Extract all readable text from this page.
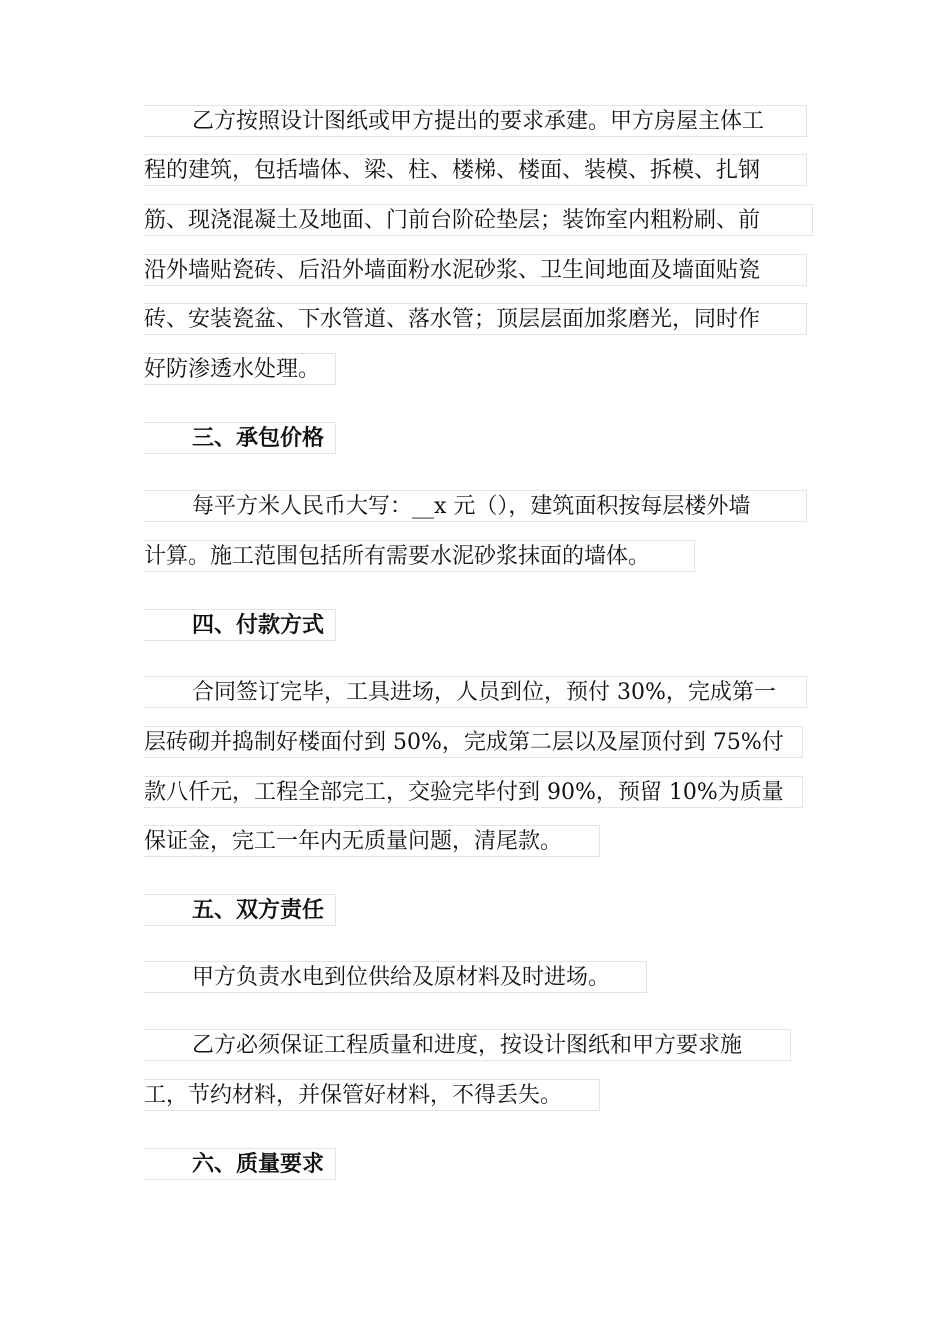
乙方按照设计图纸或甲方提出的要求承建。甲方房屋主体工
程的建筑，包括墙体、梁、柱、楼梯、楼面、装模、拆模、扎钢
筋、现浇混凝土及地面、门前台阶砼垫层；装饰室内粗粉刷、前
沿外墙贴瓷砖、后沿外墙面粉水泥砂浆、卫生间地面及墙面贴瓷
砖、安装瓷盆、下水管道、落水管；顶层层面加浆磨光，同时作
好防渗透水处理。
三、承包价格
每平方米人民币大写：__x 元（），建筑面积按每层楼外墙
计算。施工范围包括所有需要水泥砂浆抹面的墙体。
四、付款方式
合同签订完毕，工具进场，人员到位，预付 30%，完成第一
层砖砌并捣制好楼面付到 50%，完成第二层以及屋顶付到 75%付
款八仟元，工程全部完工，交验完毕付到 90%，预留 10%为质量
保证金，完工一年内无质量问题，清尾款。
五、双方责任
甲方负责水电到位供给及原材料及时进场。
乙方必须保证工程质量和进度，按设计图纸和甲方要求施
工，节约材料，并保管好材料，不得丢失。
六、质量要求
